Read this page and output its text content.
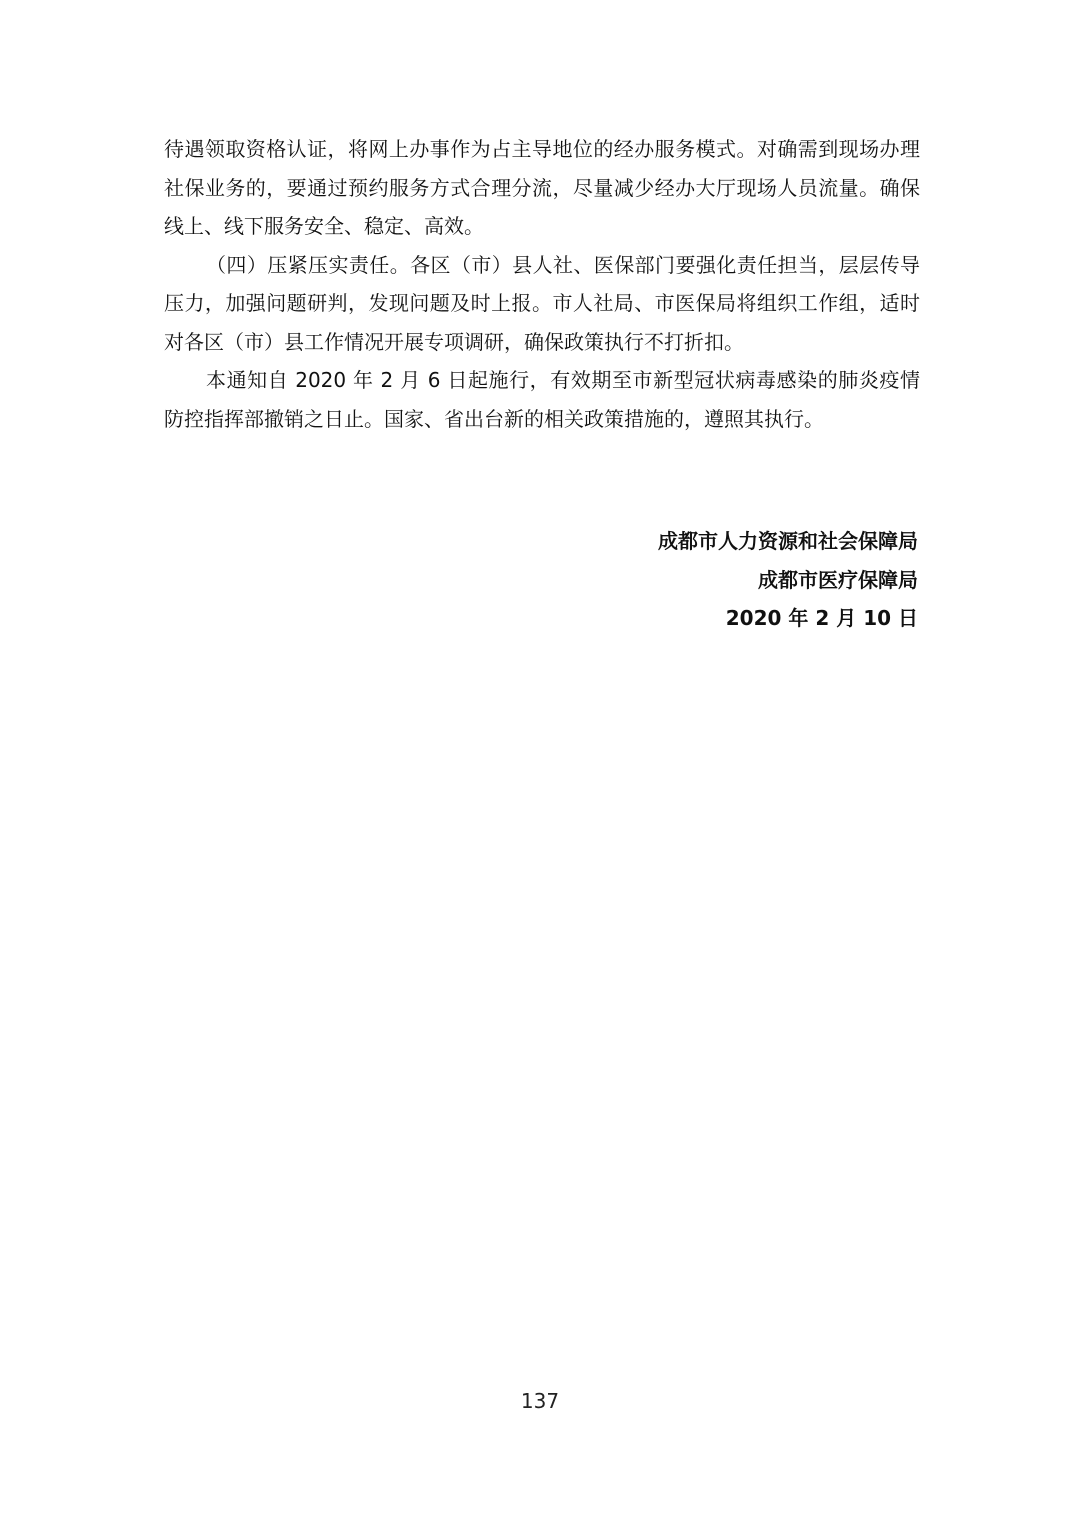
待遇领取资格认证，将网上办事作为占主导地位的经办服务模式。对确需到现场办理社保业务的，要通过预约服务方式合理分流，尽量减少经办大厅现场人员流量。确保线上、线下服务安全、稳定、高效。

（四）压紧压实责任。各区（市）县人社、医保部门要强化责任担当，层层传导压力，加强问题研判，发现问题及时上报。市人社局、市医保局将组织工作组，适时对各区（市）县工作情况开展专项调研，确保政策执行不打折扣。

本通知自 2020 年 2 月 6 日起施行，有效期至市新型冠状病毒感染的肺炎疫情防控指挥部撤销之日止。国家、省出台新的相关政策措施的，遵照其执行。

成都市人力资源和社会保障局

成都市医疗保障局

2020 年 2 月 10 日

137
